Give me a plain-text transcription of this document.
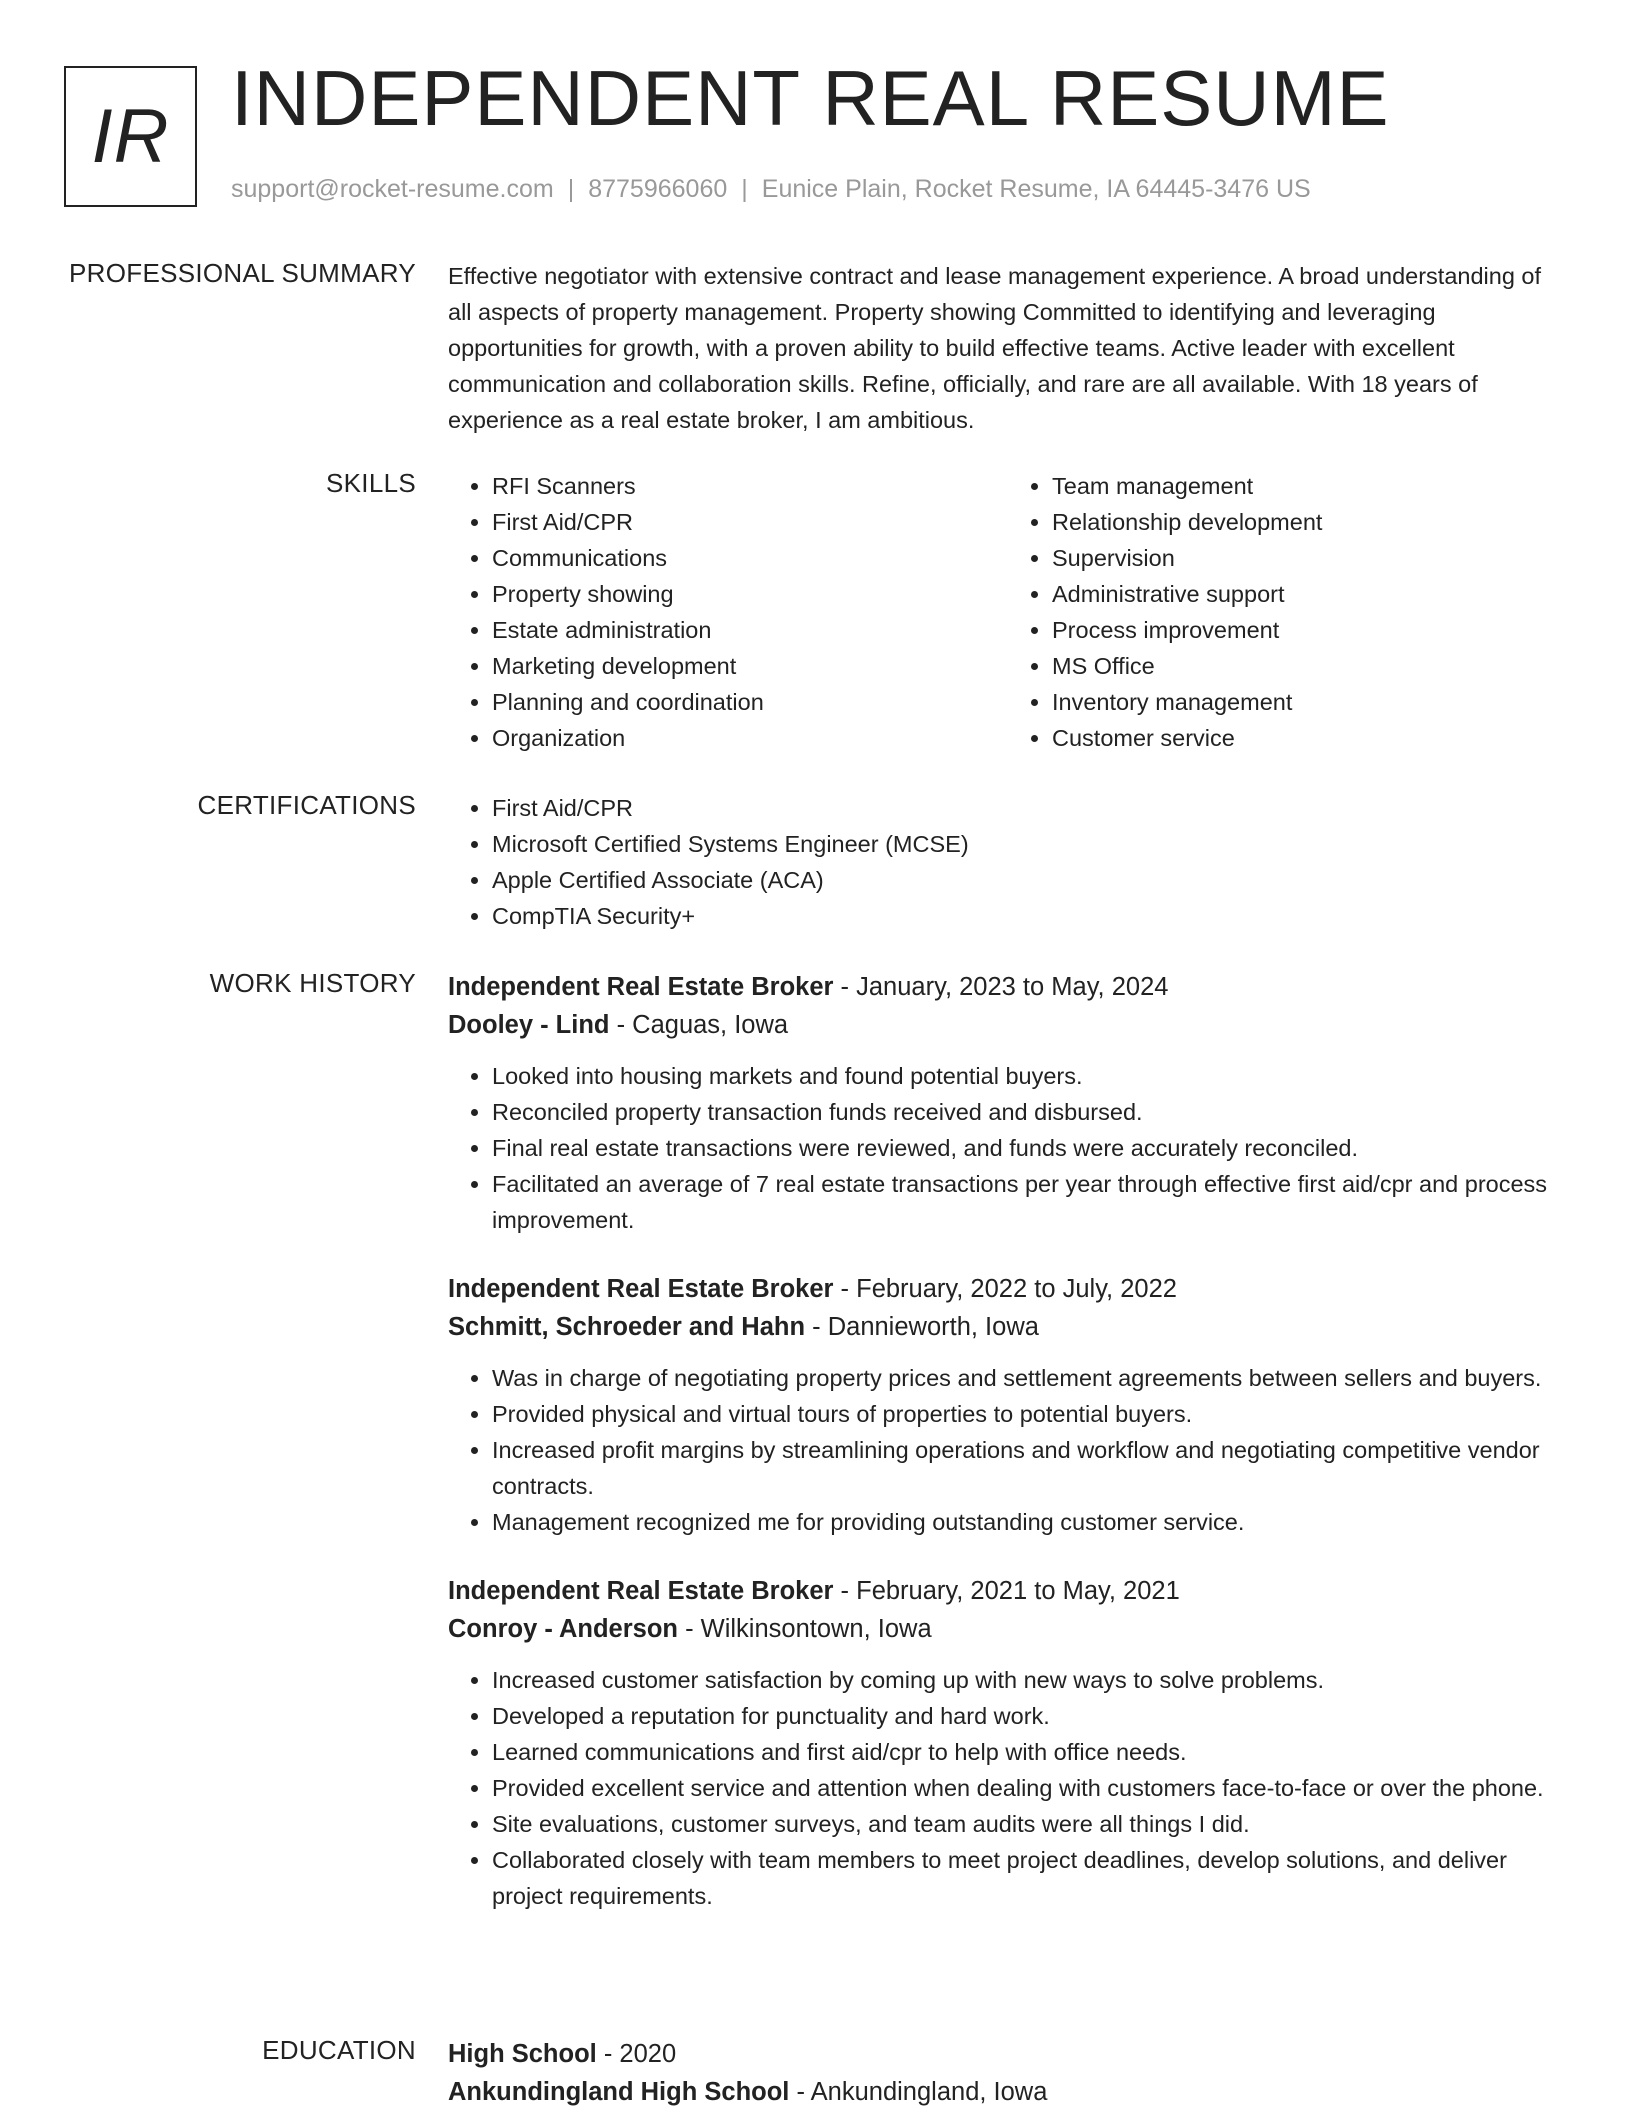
IR INDEPENDENT REAL RESUME
support@rocket-resume.com | 8775966060 | Eunice Plain, Rocket Resume, IA 64445-3476 US
PROFESSIONAL SUMMARY Effective negotiator with extensive contract and lease management experience. A broad understanding of all aspects of property management. Property showing Committed to identifying and leveraging opportunities for growth, with a proven ability to build effective teams. Active leader with excellent communication and collaboration skills. Refine, officially, and rare are all available. With 18 years of experience as a real estate broker, I am ambitious.

SKILLS	• RFI Scanners
• First Aid/CPR
• Communications
• Property showing
• Estate administration
• Marketing development
• Planning and coordination
• Organization
• Team management
• Relationship development
• Supervision
• Administrative support
• Process improvement
• MS Office
• Inventory management
• Customer service
CERTIFICATIONS	• First Aid/CPR
• Microsoft Certified Systems Engineer (MCSE)
• Apple Certified Associate (ACA)
• CompTIA Security+
WORK HISTORY Independent Real Estate Broker - January, 2023 to May, 2024
Dooley - Lind - Caguas, Iowa
• Looked into housing markets and found potential buyers.
• Reconciled property transaction funds received and disbursed.
• Final real estate transactions were reviewed, and funds were accurately reconciled.
• Facilitated an average of 7 real estate transactions per year through effective first aid/cpr and process improvement.
Independent Real Estate Broker - February, 2022 to July, 2022
Schmitt, Schroeder and Hahn - Dannieworth, Iowa
• Was in charge of negotiating property prices and settlement agreements between sellers and buyers.
• Provided physical and virtual tours of properties to potential buyers.
• Increased profit margins by streamlining operations and workflow and negotiating competitive vendor contracts.
• Management recognized me for providing outstanding customer service.
Independent Real Estate Broker - February, 2021 to May, 2021
Conroy - Anderson - Wilkinsontown, Iowa
• Increased customer satisfaction by coming up with new ways to solve problems.
• Developed a reputation for punctuality and hard work.
• Learned communications and first aid/cpr to help with office needs.
• Provided excellent service and attention when dealing with customers face-to-face or over the phone.
• Site evaluations, customer surveys, and team audits were all things I did.
• Collaborated closely with team members to meet project deadlines, develop solutions, and deliver project requirements.
EDUCATION High School - 2020
Ankundingland High School - Ankundingland, Iowa
